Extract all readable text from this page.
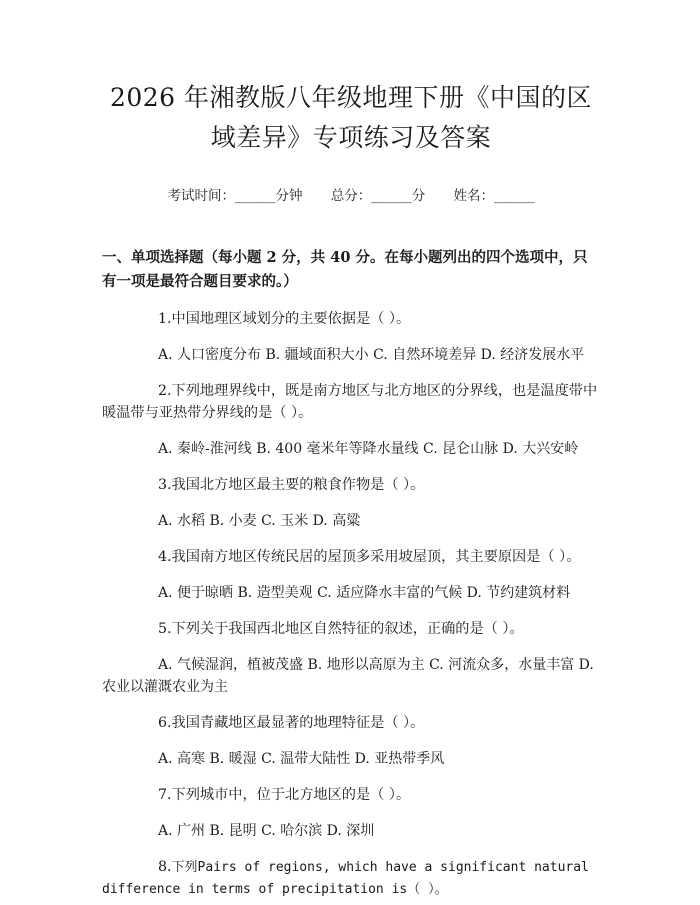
2026 年湘教版八年级地理下册《中国的区域差异》专项练习及答案
考试时间：______分钟 总分：______分 姓名：______
一、单项选择题（每小题 2 分，共 40 分。在每小题列出的四个选项中，只有一项是最符合题目要求的。）
1.中国地理区域划分的主要依据是（ ）。
A. 人口密度分布 B. 疆域面积大小 C. 自然环境差异 D. 经济发展水平
2.下列地理界线中，既是南方地区与北方地区的分界线，也是温度带中暖温带与亚热带分界线的是（ ）。
A. 秦岭-淮河线 B. 400 毫米年等降水量线 C. 昆仑山脉 D. 大兴安岭
3.我国北方地区最主要的粮食作物是（ ）。
A. 水稻 B. 小麦 C. 玉米 D. 高粱
4.我国南方地区传统民居的屋顶多采用坡屋顶，其主要原因是（ ）。
A. 便于晾晒 B. 造型美观 C. 适应降水丰富的气候 D. 节约建筑材料
5.下列关于我国西北地区自然特征的叙述，正确的是（ ）。
A. 气候湿润，植被茂盛 B. 地形以高原为主 C. 河流众多，水量丰富 D. 农业以灌溉农业为主
6.我国青藏地区最显著的地理特征是（ ）。
A. 高寒 B. 暖湿 C. 温带大陆性 D. 亚热带季风
7.下列城市中，位于北方地区的是（ ）。
A. 广州 B. 昆明 C. 哈尔滨 D. 深圳
8.下列Pairs of regions, which have a significant natural difference in terms of precipitation is（ ）。
